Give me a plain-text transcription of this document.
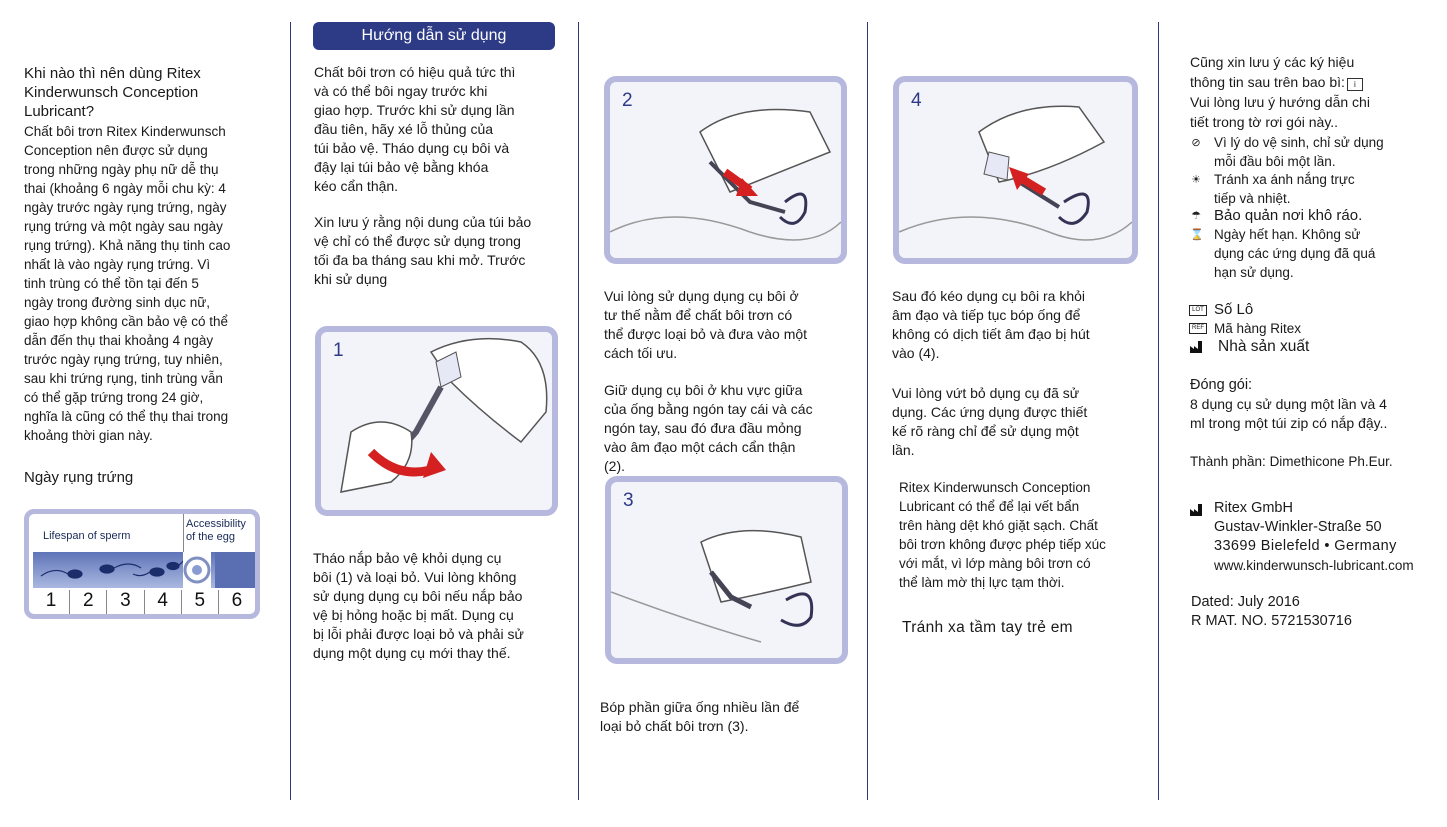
Khi nào thì nên dùng Ritex Kinderwunsch Conception Lubricant?
Chất bôi trơn Ritex Kinderwunsch
Conception nên được sử dụng
trong những ngày phụ nữ dễ thụ
thai (khoảng 6 ngày mỗi chu kỳ: 4
ngày trước ngày rụng trứng, ngày
rụng trứng và một ngày sau ngày
rụng trứng). Khả năng thụ tinh cao
nhất là vào ngày rụng trứng. Vì
tinh trùng có thể tồn tại đến 5
ngày trong đường sinh dục nữ,
giao hợp không cần bảo vệ có thể
dẫn đến thụ thai khoảng 4 ngày
trước ngày rụng trứng, tuy nhiên,
sau khi trứng rụng, tinh trùng vẫn
có thể gặp trứng trong 24 giờ,
nghĩa là cũng có thể thụ thai trong
khoảng thời gian này.
Ngày rụng trứng
Lifespan of sperm
Accessibility
of the egg
1	2	3	4	5	6
Hướng dẫn sử dụng
Chất bôi trơn có hiệu quả tức thì
và có thể bôi ngay trước khi
giao hợp. Trước khi sử dụng lần
đầu tiên, hãy xé lỗ thủng của
túi bảo vệ. Tháo dụng cụ bôi và
đậy lại túi bảo vệ bằng khóa
kéo cẩn thận.
Xin lưu ý rằng nội dung của túi bảo
vệ chỉ có thể được sử dụng trong
tối đa ba tháng sau khi mở. Trước
khi sử dụng
1
Tháo nắp bảo vệ khỏi dụng cụ
bôi (1) và loại bỏ. Vui lòng không
sử dụng dụng cụ bôi nếu nắp bảo
vệ bị hỏng hoặc bị mất. Dụng cụ
bị lỗi phải được loại bỏ và phải sử
dụng một dụng cụ mới thay thế.
2
Vui lòng sử dụng dụng cụ bôi ở
tư thế nằm để chất bôi trơn có
thể được loại bỏ và đưa vào một
cách tối ưu.
Giữ dụng cụ bôi ở khu vực giữa
của ống bằng ngón tay cái và các
ngón tay, sau đó đưa đầu mỏng
vào âm đạo một cách cẩn thận
(2).
3
Bóp phần giữa ống nhiều lần để
loại bỏ chất bôi trơn (3).
4
Sau đó kéo dụng cụ bôi ra khỏi
âm đạo và tiếp tục bóp ống để
không có dịch tiết âm đạo bị hút
vào (4).
Vui lòng vứt bỏ dụng cụ đã sử
dụng. Các ứng dụng được thiết
kế rõ ràng chỉ để sử dụng một
lần.
Ritex Kinderwunsch Conception
Lubricant có thể để lại vết bẩn
trên hàng dệt khó giặt sạch. Chất
bôi trơn không được phép tiếp xúc
với mắt, vì lớp màng bôi trơn có
thể làm mờ thị lực tạm thời.
Tránh xa tầm tay trẻ em
Cũng xin lưu ý các ký hiệu
thông tin sau trên bao bì: i
Vui lòng lưu ý hướng dẫn chi
tiết trong tờ rơi gói này..
⊘ Vì lý do vệ sinh, chỉ sử dụng
mỗi đầu bôi một lần.
☀ Tránh xa ánh nắng trực
tiếp và nhiệt.
☂ Bảo quản nơi khô ráo.
⌛ Ngày hết hạn. Không sử
dụng các ứng dụng đã quá
hạn sử dụng.
LOT Số Lô
REF Mã hàng Ritex
Nhà sản xuất
Đóng gói:
8 dụng cụ sử dụng một lần và 4
ml trong một túi zip có nắp đậy..
Thành phần: Dimethicone Ph.Eur.
Ritex GmbH
Gustav-Winkler-Straße 50
33699 Bielefeld • Germany
www.kinderwunsch-lubricant.com
Dated: July 2016
R MAT. NO. 5721530716
